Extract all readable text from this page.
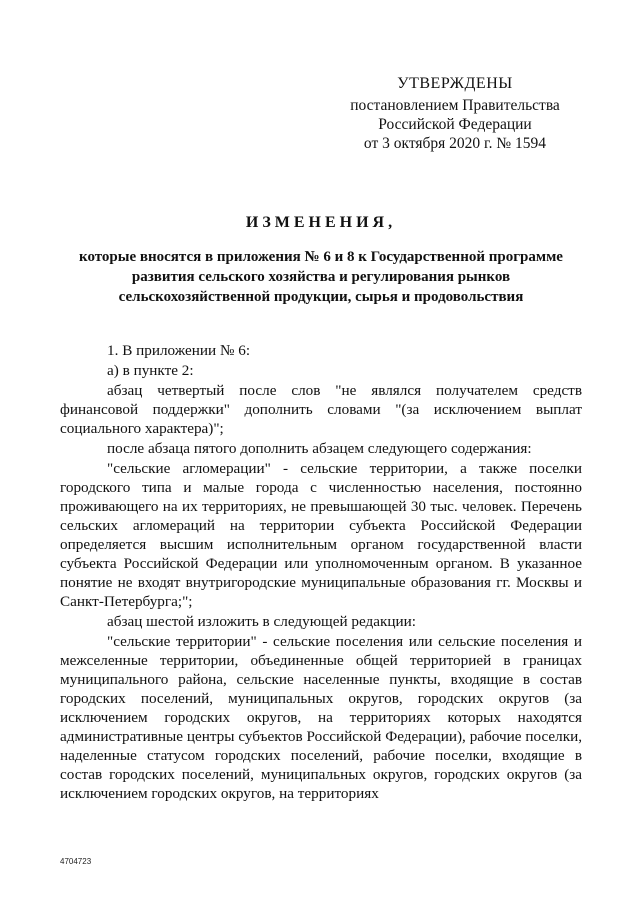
УТВЕРЖДЕНЫ
постановлением Правительства
Российской Федерации
от 3 октября 2020 г. № 1594
ИЗМЕНЕНИЯ,
которые вносятся в приложения № 6 и 8 к Государственной программе развития сельского хозяйства и регулирования рынков сельскохозяйственной продукции, сырья и продовольствия

1. В приложении № 6:

а) в пункте 2:

абзац четвертый после слов "не являлся получателем средств финансовой поддержки" дополнить словами "(за исключением выплат социального характера)";

после абзаца пятого дополнить абзацем следующего содержания:

"сельские агломерации" - сельские территории, а также поселки городского типа и малые города с численностью населения, постоянно проживающего на их территориях, не превышающей 30 тыс. человек. Перечень сельских агломераций на территории субъекта Российской Федерации определяется высшим исполнительным органом государственной власти субъекта Российской Федерации или уполномоченным органом. В указанное понятие не входят внутригородские муниципальные образования гг. Москвы и Санкт-Петербурга;";

абзац шестой изложить в следующей редакции:

"сельские территории" - сельские поселения или сельские поселения и межселенные территории, объединенные общей территорией в границах муниципального района, сельские населенные пункты, входящие в состав городских поселений, муниципальных округов, городских округов (за исключением городских округов, на территориях которых находятся административные центры субъектов Российской Федерации), рабочие поселки, наделенные статусом городских поселений, рабочие поселки, входящие в состав городских поселений, муниципальных округов, городских округов (за исключением городских округов, на территориях

4704723
